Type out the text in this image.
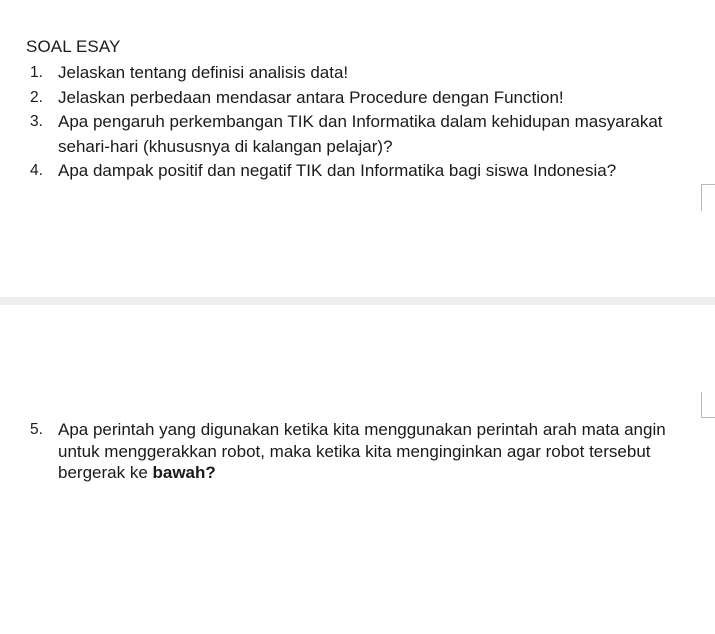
SOAL ESAY
1. Jelaskan tentang definisi analisis data!
2. Jelaskan perbedaan mendasar antara Procedure dengan Function!
3. Apa pengaruh perkembangan TIK dan Informatika dalam kehidupan masyarakat sehari-hari (khususnya di kalangan pelajar)?
4. Apa dampak positif dan negatif TIK dan Informatika bagi siswa Indonesia?
5. Apa perintah yang digunakan ketika kita menggunakan perintah arah mata angin untuk menggerakkan robot, maka ketika kita menginginkan agar robot tersebut bergerak ke bawah?
